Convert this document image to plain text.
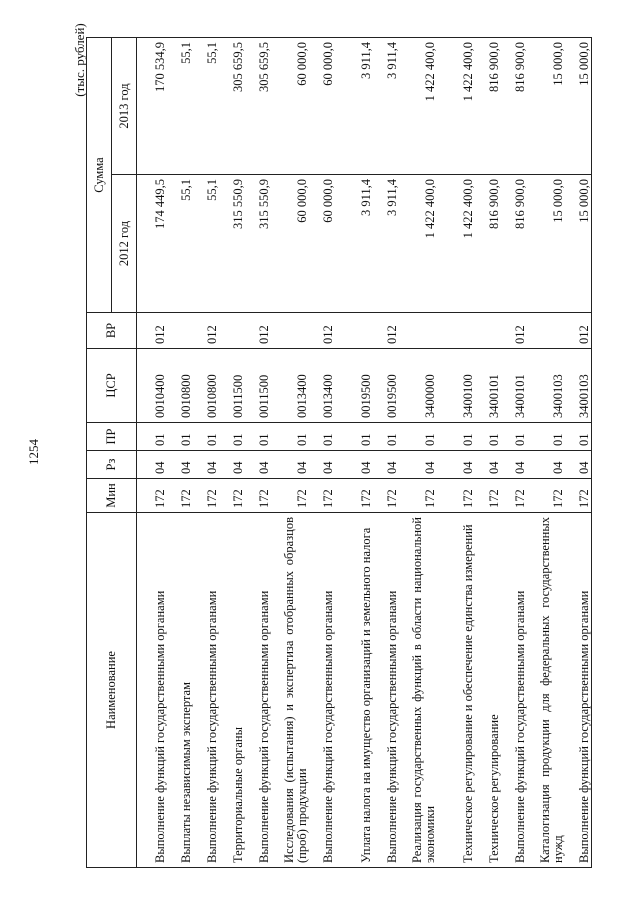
1254
(тыс. рублей)
Наименование	Мин	Рз	ПР	ЦСР	ВР	Сумма	
						2012 год	2013 год
Выполнение функций государственными органами	172	04	01	0010400	012	174 449,5	170 534,9
Выплаты независимым экспертам	172	04	01	0010800		55,1	55,1
Выполнение функций государственными органами	172	04	01	0010800	012	55,1	55,1
Территориальные органы	172	04	01	0011500		315 550,9	305 659,5
Выполнение функций государственными органами	172	04	01	0011500	012	315 550,9	305 659,5
Исследования (испытания) и экспертиза отобранных образцов (проб) продукции	172	04	01	0013400		60 000,0	60 000,0
Выполнение функций государственными органами	172	04	01	0013400	012	60 000,0	60 000,0
Уплата налога на имущество организаций и земельного налога	172	04	01	0019500		3 911,4	3 911,4
Выполнение функций государственными органами	172	04	01	0019500	012	3 911,4	3 911,4
Реализация государственных функций в области национальной экономики	172	04	01	3400000		1 422 400,0	1 422 400,0
Техническое регулирование и обеспечение единства измерений	172	04	01	3400100		1 422 400,0	1 422 400,0
Техническое регулирование	172	04	01	3400101		816 900,0	816 900,0
Выполнение функций государственными органами	172	04	01	3400101	012	816 900,0	816 900,0
Каталогизация продукции для федеральных государственных нужд	172	04	01	3400103		15 000,0	15 000,0
Выполнение функций государственными органами	172	04	01	3400103	012	15 000,0	15 000,0
